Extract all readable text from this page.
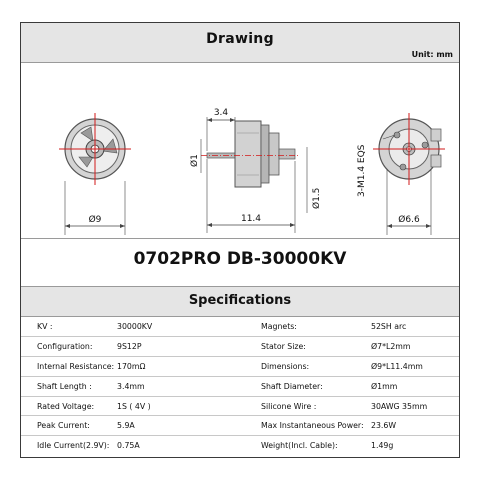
Drawing
Unit: mm
Ø9
3.4
Ø1
11.4
Ø1.5
3-M1.4 EQS
Ø6.6
0702PRO DB-30000KV
Specifications
KV :	30000KV	Magnets:	52SH arc
Configuration:	9S12P	Stator Size:	Ø7*L2mm
Internal Resistance: 170mΩ	Dimensions:	Ø9*L11.4mm
Shaft Length :	3.4mm	Shaft Diameter:	Ø1mm
Rated Voltage:	1S ( 4V )	Silicone Wire :	30AWG 35mm
Peak Current:	5.9A	Max Instantaneous Power: 23.6W
Idle Current(2.9V): 0.75A	Weight(Incl. Cable):	1.49g
